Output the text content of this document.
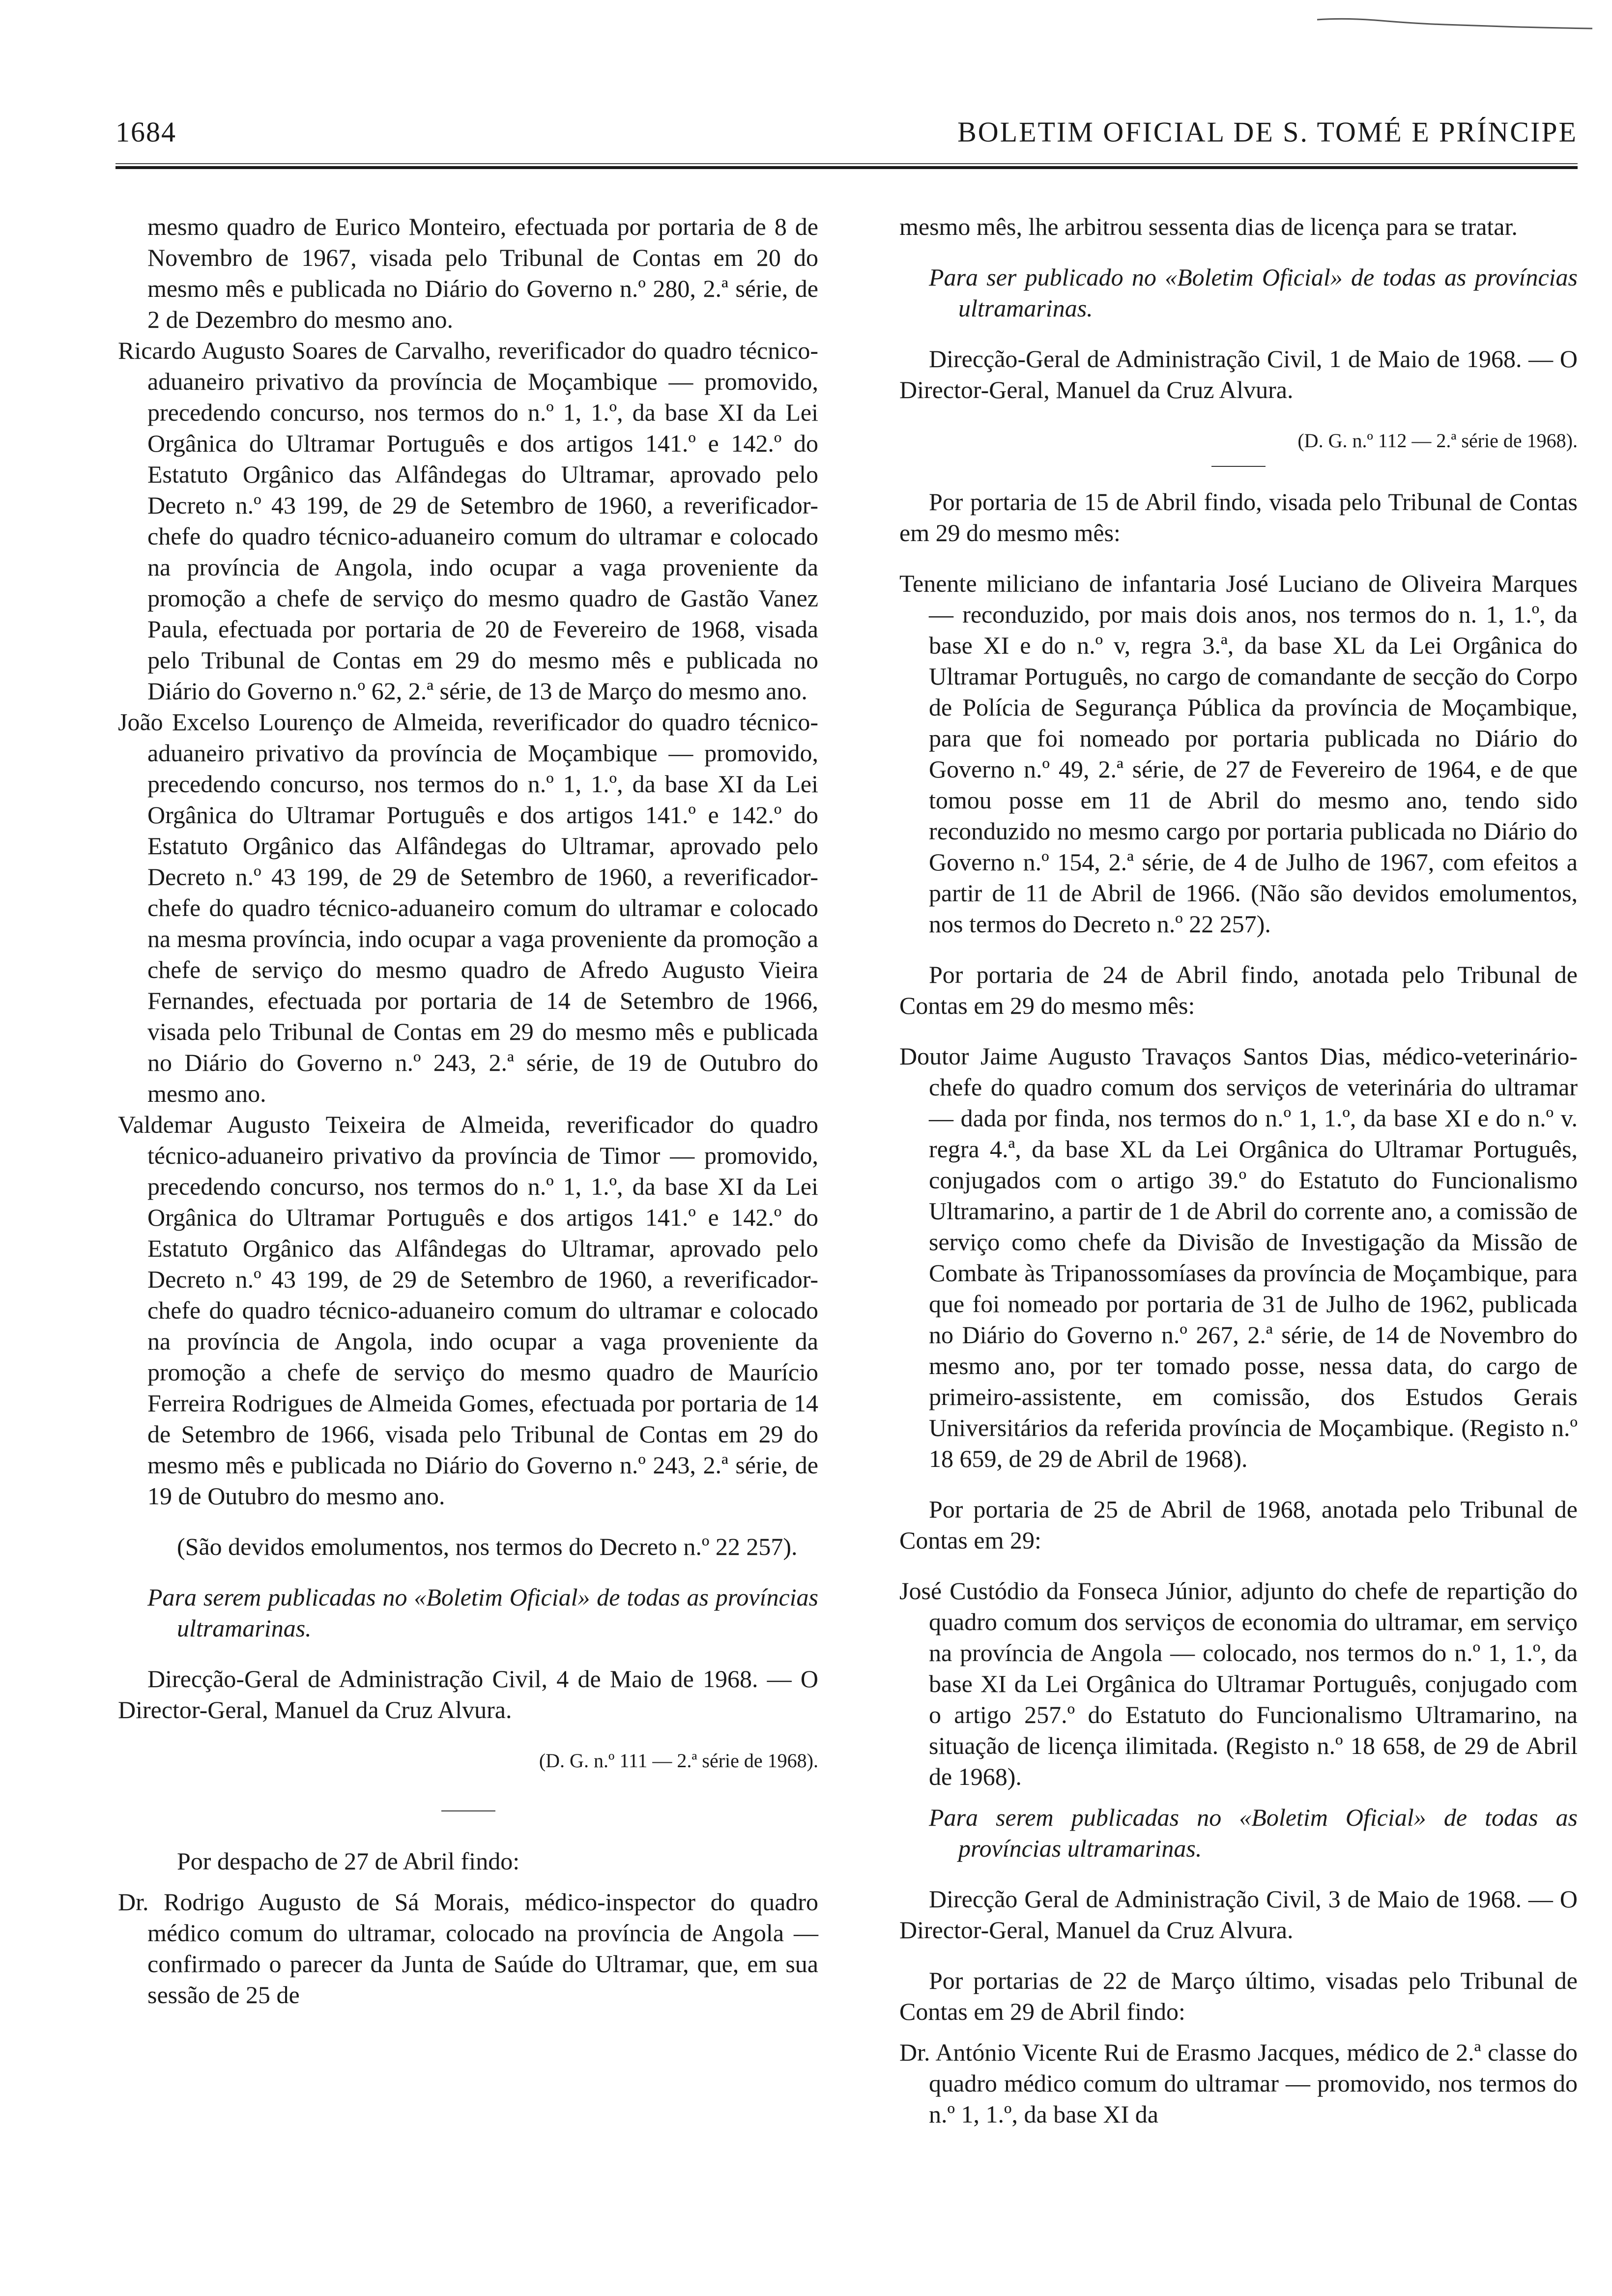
1684	BOLETIM OFICIAL DE S. TOMÉ E PRÍNCIPE

mesmo quadro de Eurico Monteiro, efectuada por portaria de 8 de Novembro de 1967, visada pelo Tribunal de Contas em 20 do mesmo mês e publicada no Diário do Governo n.º 280, 2.ª série, de 2 de Dezembro do mesmo ano.

Ricardo Augusto Soares de Carvalho, reverificador do quadro técnico-aduaneiro privativo da província de Moçambique — promovido, precedendo concurso, nos termos do n.º 1, 1.º, da base XI da Lei Orgânica do Ultramar Português e dos artigos 141.º e 142.º do Estatuto Orgânico das Alfândegas do Ultramar, aprovado pelo Decreto n.º 43 199, de 29 de Setembro de 1960, a reverificador-chefe do quadro técnico-aduaneiro comum do ultramar e colocado na província de Angola, indo ocupar a vaga proveniente da promoção a chefe de serviço do mesmo quadro de Gastão Vanez Paula, efectuada por portaria de 20 de Fevereiro de 1968, visada pelo Tribunal de Contas em 29 do mesmo mês e publicada no Diário do Governo n.º 62, 2.ª série, de 13 de Março do mesmo ano.

João Excelso Lourenço de Almeida, reverificador do quadro técnico-aduaneiro privativo da província de Moçambique — promovido, precedendo concurso, nos termos do n.º 1, 1.º, da base XI da Lei Orgânica do Ultramar Português e dos artigos 141.º e 142.º do Estatuto Orgânico das Alfândegas do Ultramar, aprovado pelo Decreto n.º 43 199, de 29 de Setembro de 1960, a reverificador-chefe do quadro técnico-aduaneiro comum do ultramar e colocado na mesma província, indo ocupar a vaga proveniente da promoção a chefe de serviço do mesmo quadro de Afredo Augusto Vieira Fernandes, efectuada por portaria de 14 de Setembro de 1966, visada pelo Tribunal de Contas em 29 do mesmo mês e publicada no Diário do Governo n.º 243, 2.ª série, de 19 de Outubro do mesmo ano.

Valdemar Augusto Teixeira de Almeida, reverificador do quadro técnico-aduaneiro privativo da província de Timor — promovido, precedendo concurso, nos termos do n.º 1, 1.º, da base XI da Lei Orgânica do Ultramar Português e dos artigos 141.º e 142.º do Estatuto Orgânico das Alfândegas do Ultramar, aprovado pelo Decreto n.º 43 199, de 29 de Setembro de 1960, a reverificador-chefe do quadro técnico-aduaneiro comum do ultramar e colocado na província de Angola, indo ocupar a vaga proveniente da promoção a chefe de serviço do mesmo quadro de Maurício Ferreira Rodrigues de Almeida Gomes, efectuada por portaria de 14 de Setembro de 1966, visada pelo Tribunal de Contas em 29 do mesmo mês e publicada no Diário do Governo n.º 243, 2.ª série, de 19 de Outubro do mesmo ano.

(São devidos emolumentos, nos termos do Decreto n.º 22 257).

Para serem publicadas no «Boletim Oficial» de todas as províncias ultramarinas.

Direcção-Geral de Administração Civil, 4 de Maio de 1968. — O Director-Geral, Manuel da Cruz Alvura.

(D. G. n.º 111 — 2.ª série de 1968).

Por despacho de 27 de Abril findo:

Dr. Rodrigo Augusto de Sá Morais, médico-inspector do quadro médico comum do ultramar, colocado na província de Angola — confirmado o parecer da Junta de Saúde do Ultramar, que, em sua sessão de 25 de

mesmo mês, lhe arbitrou sessenta dias de licença para se tratar.

Para ser publicado no «Boletim Oficial» de todas as províncias ultramarinas.

Direcção-Geral de Administração Civil, 1 de Maio de 1968. — O Director-Geral, Manuel da Cruz Alvura.

(D. G. n.º 112 — 2.ª série de 1968).

Por portaria de 15 de Abril findo, visada pelo Tribunal de Contas em 29 do mesmo mês:

Tenente miliciano de infantaria José Luciano de Oliveira Marques — reconduzido, por mais dois anos, nos termos do n. 1, 1.º, da base XI e do n.º v, regra 3.ª, da base XL da Lei Orgânica do Ultramar Português, no cargo de comandante de secção do Corpo de Polícia de Segurança Pública da província de Moçambique, para que foi nomeado por portaria publicada no Diário do Governo n.º 49, 2.ª série, de 27 de Fevereiro de 1964, e de que tomou posse em 11 de Abril do mesmo ano, tendo sido reconduzido no mesmo cargo por portaria publicada no Diário do Governo n.º 154, 2.ª série, de 4 de Julho de 1967, com efeitos a partir de 11 de Abril de 1966. (Não são devidos emolumentos, nos termos do Decreto n.º 22 257).

Por portaria de 24 de Abril findo, anotada pelo Tribunal de Contas em 29 do mesmo mês:

Doutor Jaime Augusto Travaços Santos Dias, médico-veterinário-chefe do quadro comum dos serviços de veterinária do ultramar — dada por finda, nos termos do n.º 1, 1.º, da base XI e do n.º v. regra 4.ª, da base XL da Lei Orgânica do Ultramar Português, conjugados com o artigo 39.º do Estatuto do Funcionalismo Ultramarino, a partir de 1 de Abril do corrente ano, a comissão de serviço como chefe da Divisão de Investigação da Missão de Combate às Tripanossomíases da província de Moçambique, para que foi nomeado por portaria de 31 de Julho de 1962, publicada no Diário do Governo n.º 267, 2.ª série, de 14 de Novembro do mesmo ano, por ter tomado posse, nessa data, do cargo de primeiro-assistente, em comissão, dos Estudos Gerais Universitários da referida província de Moçambique. (Registo n.º 18 659, de 29 de Abril de 1968).

Por portaria de 25 de Abril de 1968, anotada pelo Tribunal de Contas em 29:

José Custódio da Fonseca Júnior, adjunto do chefe de repartição do quadro comum dos serviços de economia do ultramar, em serviço na província de Angola — colocado, nos termos do n.º 1, 1.º, da base XI da Lei Orgânica do Ultramar Português, conjugado com o artigo 257.º do Estatuto do Funcionalismo Ultramarino, na situação de licença ilimitada. (Registo n.º 18 658, de 29 de Abril de 1968).

Para serem publicadas no «Boletim Oficial» de todas as províncias ultramarinas.

Direcção Geral de Administração Civil, 3 de Maio de 1968. — O Director-Geral, Manuel da Cruz Alvura.

Por portarias de 22 de Março último, visadas pelo Tribunal de Contas em 29 de Abril findo:

Dr. António Vicente Rui de Erasmo Jacques, médico de 2.ª classe do quadro médico comum do ultramar — promovido, nos termos do n.º 1, 1.º, da base XI da
